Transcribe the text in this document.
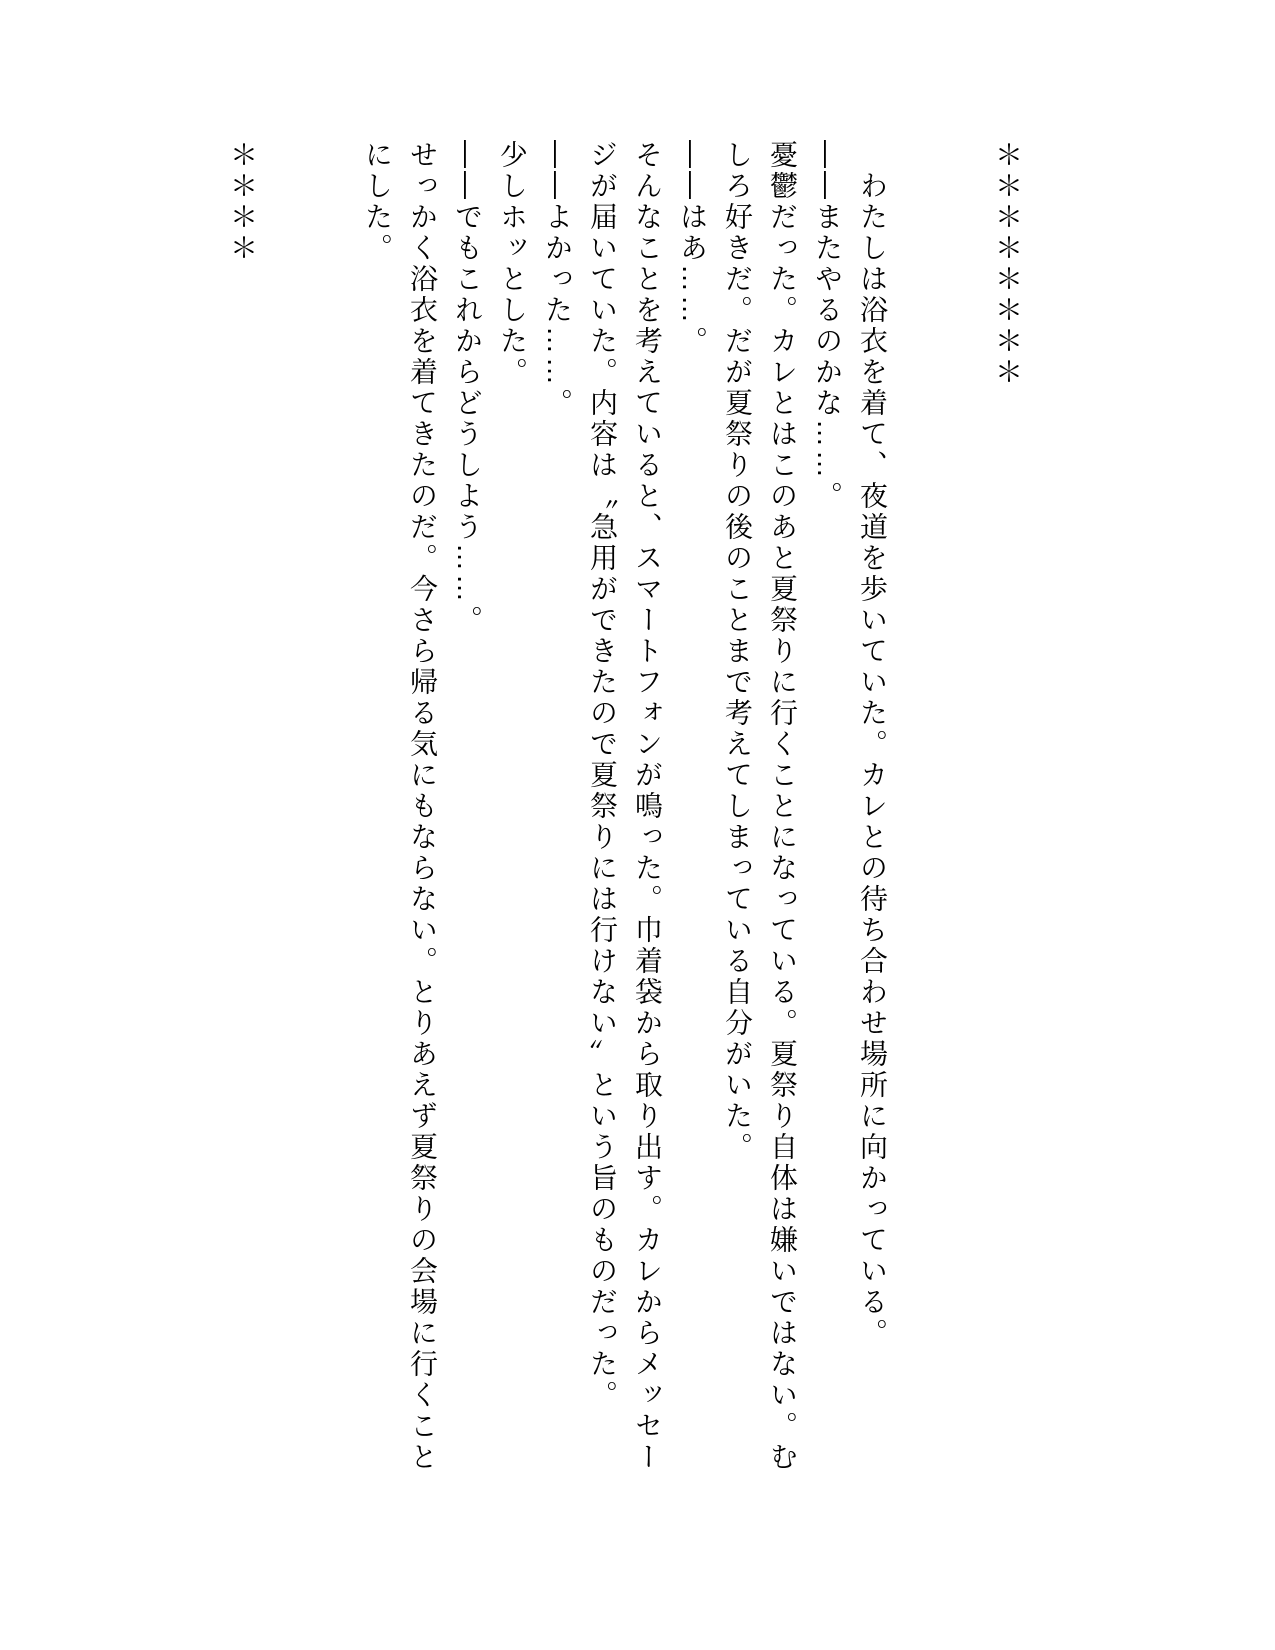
＊＊＊＊＊＊＊＊

　わたしは浴衣を着て、夜道を歩いていた。カレとの待ち合わせ場所に向かっている。

――またやるのかな……。

憂鬱だった。カレとはこのあと夏祭りに行くことになっている。夏祭り自体は嫌いではない。む

しろ好きだ。だが夏祭りの後のことまで考えてしまっている自分がいた。

――はあ……。

そんなことを考えていると、スマートフォンが鳴った。巾着袋から取り出す。カレからメッセー

ジが届いていた。内容は〝急用ができたので夏祭りには行けない〟という旨のものだった。

――よかった……。

少しホッとした。

――でもこれからどうしよう……。

せっかく浴衣を着てきたのだ。今さら帰る気にもならない。とりあえず夏祭りの会場に行くこと

にした。

＊＊＊＊
